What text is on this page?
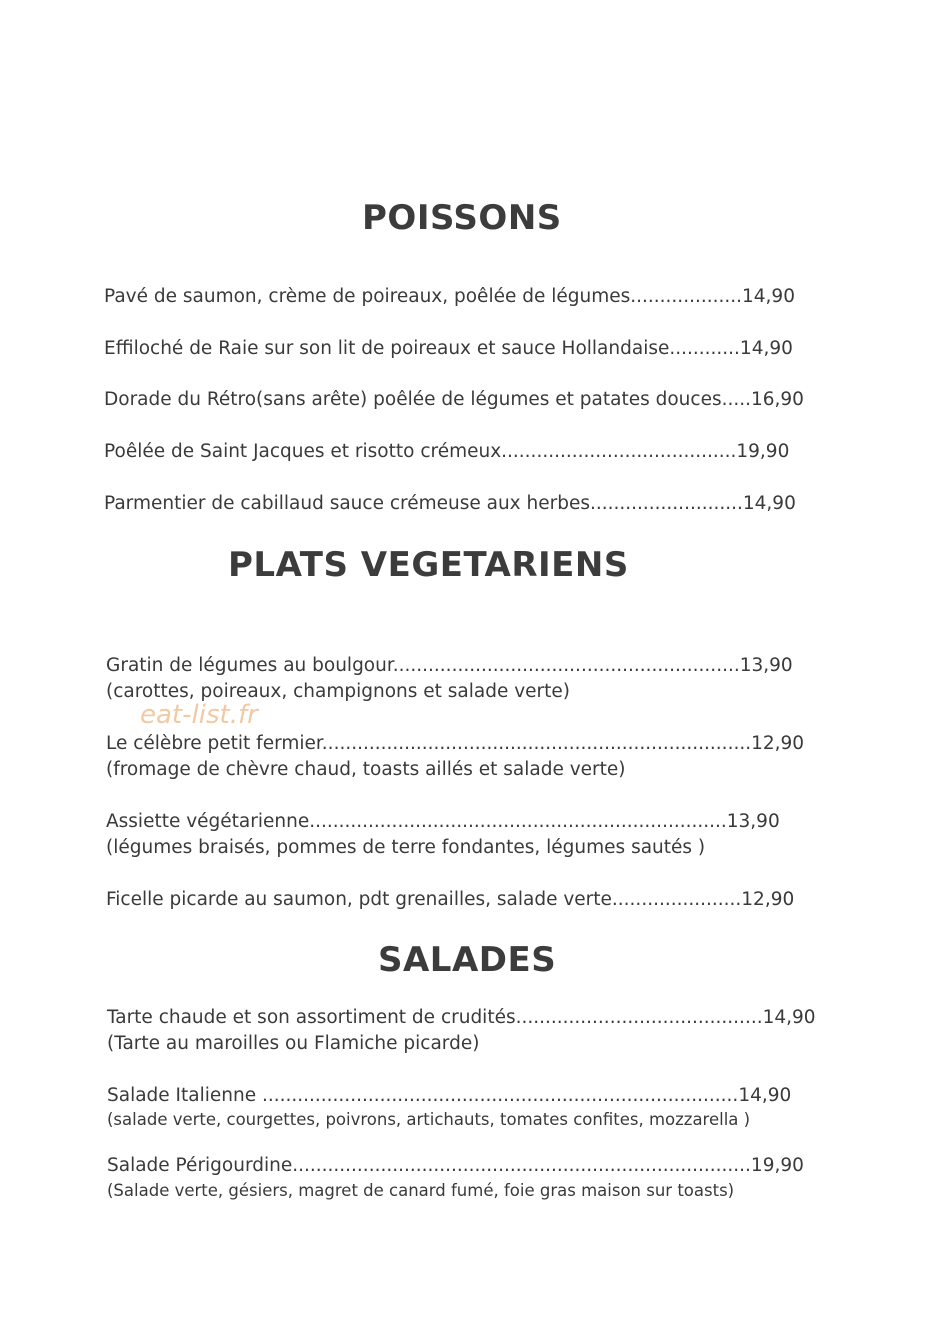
POISSONS
Pavé de saumon, crème de poireaux, poêlée de légumes...................14,90
Effiloché de Raie sur son lit de poireaux et sauce Hollandaise............14,90
Dorade du Rétro(sans arête) poêlée de légumes et patates douces.....16,90
Poêlée de Saint Jacques et risotto crémeux........................................19,90
Parmentier de cabillaud sauce crémeuse aux herbes..........................14,90
PLATS VEGETARIENS
Gratin de légumes au boulgour...........................................................13,90
(carottes, poireaux, champignons et salade verte)
eat-list.fr
Le célèbre petit fermier.........................................................................12,90
(fromage de chèvre chaud, toasts aillés et salade verte)
Assiette végétarienne.......................................................................13,90
(légumes braisés, pommes de terre fondantes, légumes sautés )
Ficelle picarde au saumon, pdt grenailles, salade verte......................12,90
SALADES
Tarte chaude et son assortiment de crudités..........................................14,90
(Tarte au maroilles ou Flamiche picarde)
Salade Italienne .................................................................................14,90
(salade verte, courgettes, poivrons, artichauts, tomates confites, mozzarella )
Salade Périgourdine..............................................................................19,90
(Salade verte, gésiers, magret de canard fumé, foie gras maison sur toasts)
